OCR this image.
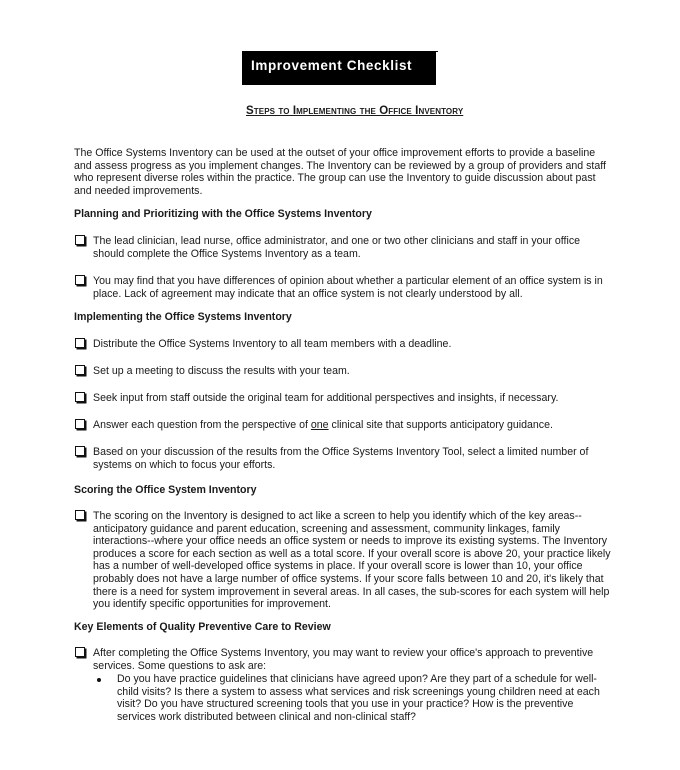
Improvement Checklist
Steps to Implementing the Office Inventory
The Office Systems Inventory can be used at the outset of your office improvement efforts to provide a baseline and assess progress as you implement changes. The Inventory can be reviewed by a group of providers and staff who represent diverse roles within the practice. The group can use the Inventory to guide discussion about past and needed improvements.
Planning and Prioritizing with the Office Systems Inventory
The lead clinician, lead nurse, office administrator, and one or two other clinicians and staff in your office should complete the Office Systems Inventory as a team.
You may find that you have differences of opinion about whether a particular element of an office system is in place. Lack of agreement may indicate that an office system is not clearly understood by all.
Implementing the Office Systems Inventory
Distribute the Office Systems Inventory to all team members with a deadline.
Set up a meeting to discuss the results with your team.
Seek input from staff outside the original team for additional perspectives and insights, if necessary.
Answer each question from the perspective of one clinical site that supports anticipatory guidance.
Based on your discussion of the results from the Office Systems Inventory Tool, select a limited number of systems on which to focus your efforts.
Scoring the Office System Inventory
The scoring on the Inventory is designed to act like a screen to help you identify which of the key areas--anticipatory guidance and parent education, screening and assessment, community linkages, family interactions--where your office needs an office system or needs to improve its existing systems. The Inventory produces a score for each section as well as a total score. If your overall score is above 20, your practice likely has a number of well-developed office systems in place. If your overall score is lower than 10, your office probably does not have a large number of office systems. If your score falls between 10 and 20, it's likely that there is a need for system improvement in several areas. In all cases, the sub-scores for each system will help you identify specific opportunities for improvement.
Key Elements of Quality Preventive Care to Review
After completing the Office Systems Inventory, you may want to review your office's approach to preventive services. Some questions to ask are:
Do you have practice guidelines that clinicians have agreed upon? Are they part of a schedule for well-child visits? Is there a system to assess what services and risk screenings young children need at each visit? Do you have structured screening tools that you use in your practice? How is the preventive services work distributed between clinical and non-clinical staff?
